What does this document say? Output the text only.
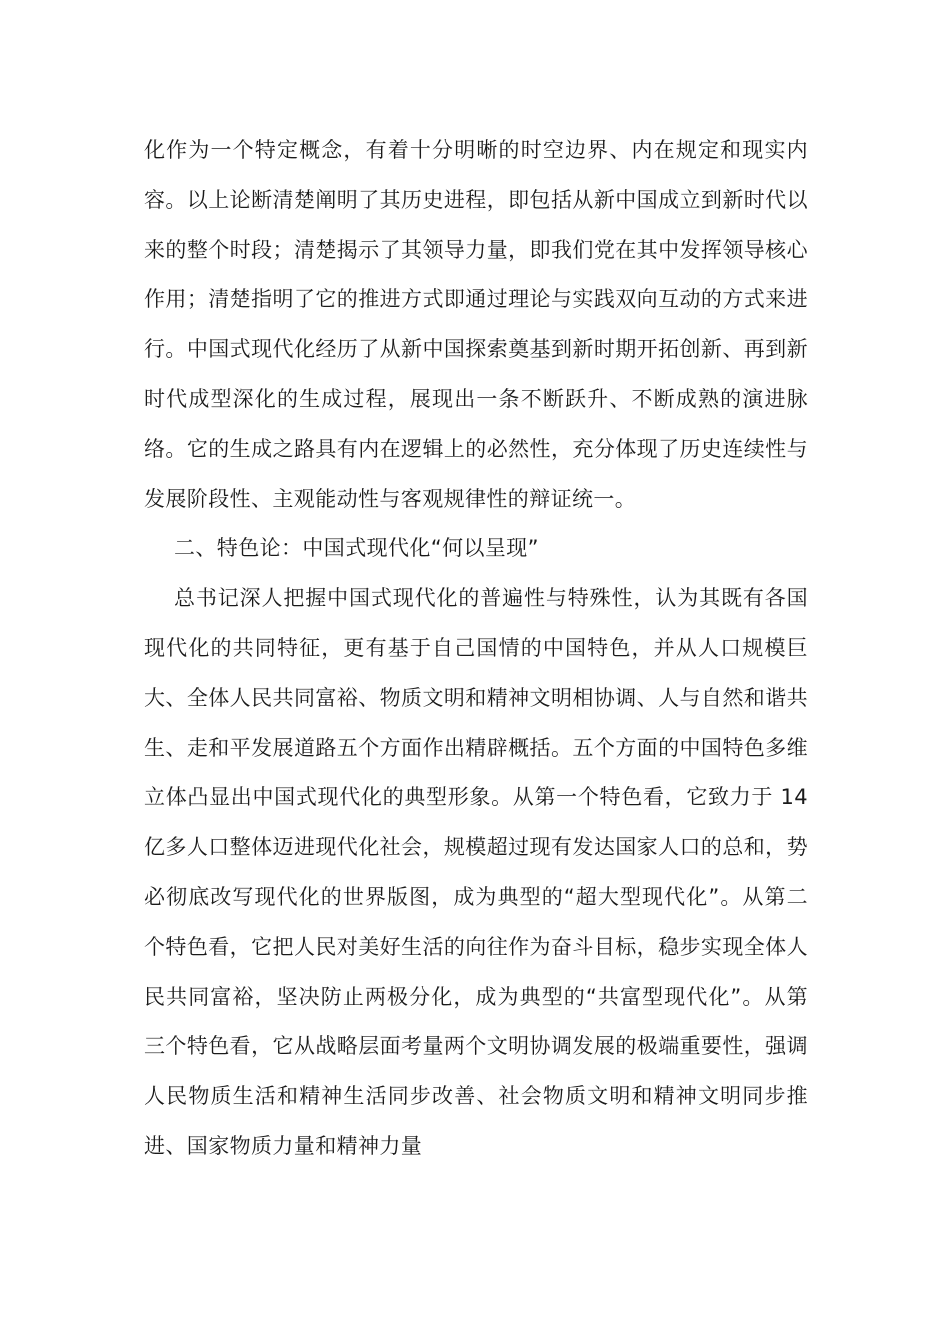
化作为一个特定概念，有着十分明晰的时空边界、内在规定和现实内容。以上论断清楚阐明了其历史进程，即包括从新中国成立到新时代以来的整个时段；清楚揭示了其领导力量，即我们党在其中发挥领导核心作用；清楚指明了它的推进方式即通过理论与实践双向互动的方式来进行。中国式现代化经历了从新中国探索奠基到新时期开拓创新、再到新时代成型深化的生成过程，展现出一条不断跃升、不断成熟的演进脉络。它的生成之路具有内在逻辑上的必然性，充分体现了历史连续性与发展阶段性、主观能动性与客观规律性的辩证统一。

二、特色论：中国式现代化“何以呈现”

总书记深人把握中国式现代化的普遍性与特殊性，认为其既有各国现代化的共同特征，更有基于自己国情的中国特色，并从人口规模巨大、全体人民共同富裕、物质文明和精神文明相协调、人与自然和谐共生、走和平发展道路五个方面作出精辟概括。五个方面的中国特色多维立体凸显出中国式现代化的典型形象。从第一个特色看，它致力于 14 亿多人口整体迈进现代化社会，规模超过现有发达国家人口的总和，势必彻底改写现代化的世界版图，成为典型的“超大型现代化”。从第二个特色看，它把人民对美好生活的向往作为奋斗目标，稳步实现全体人民共同富裕，坚决防止两极分化，成为典型的“共富型现代化”。从第三个特色看，它从战略层面考量两个文明协调发展的极端重要性，强调人民物质生活和精神生活同步改善、社会物质文明和精神文明同步推进、国家物质力量和精神力量
